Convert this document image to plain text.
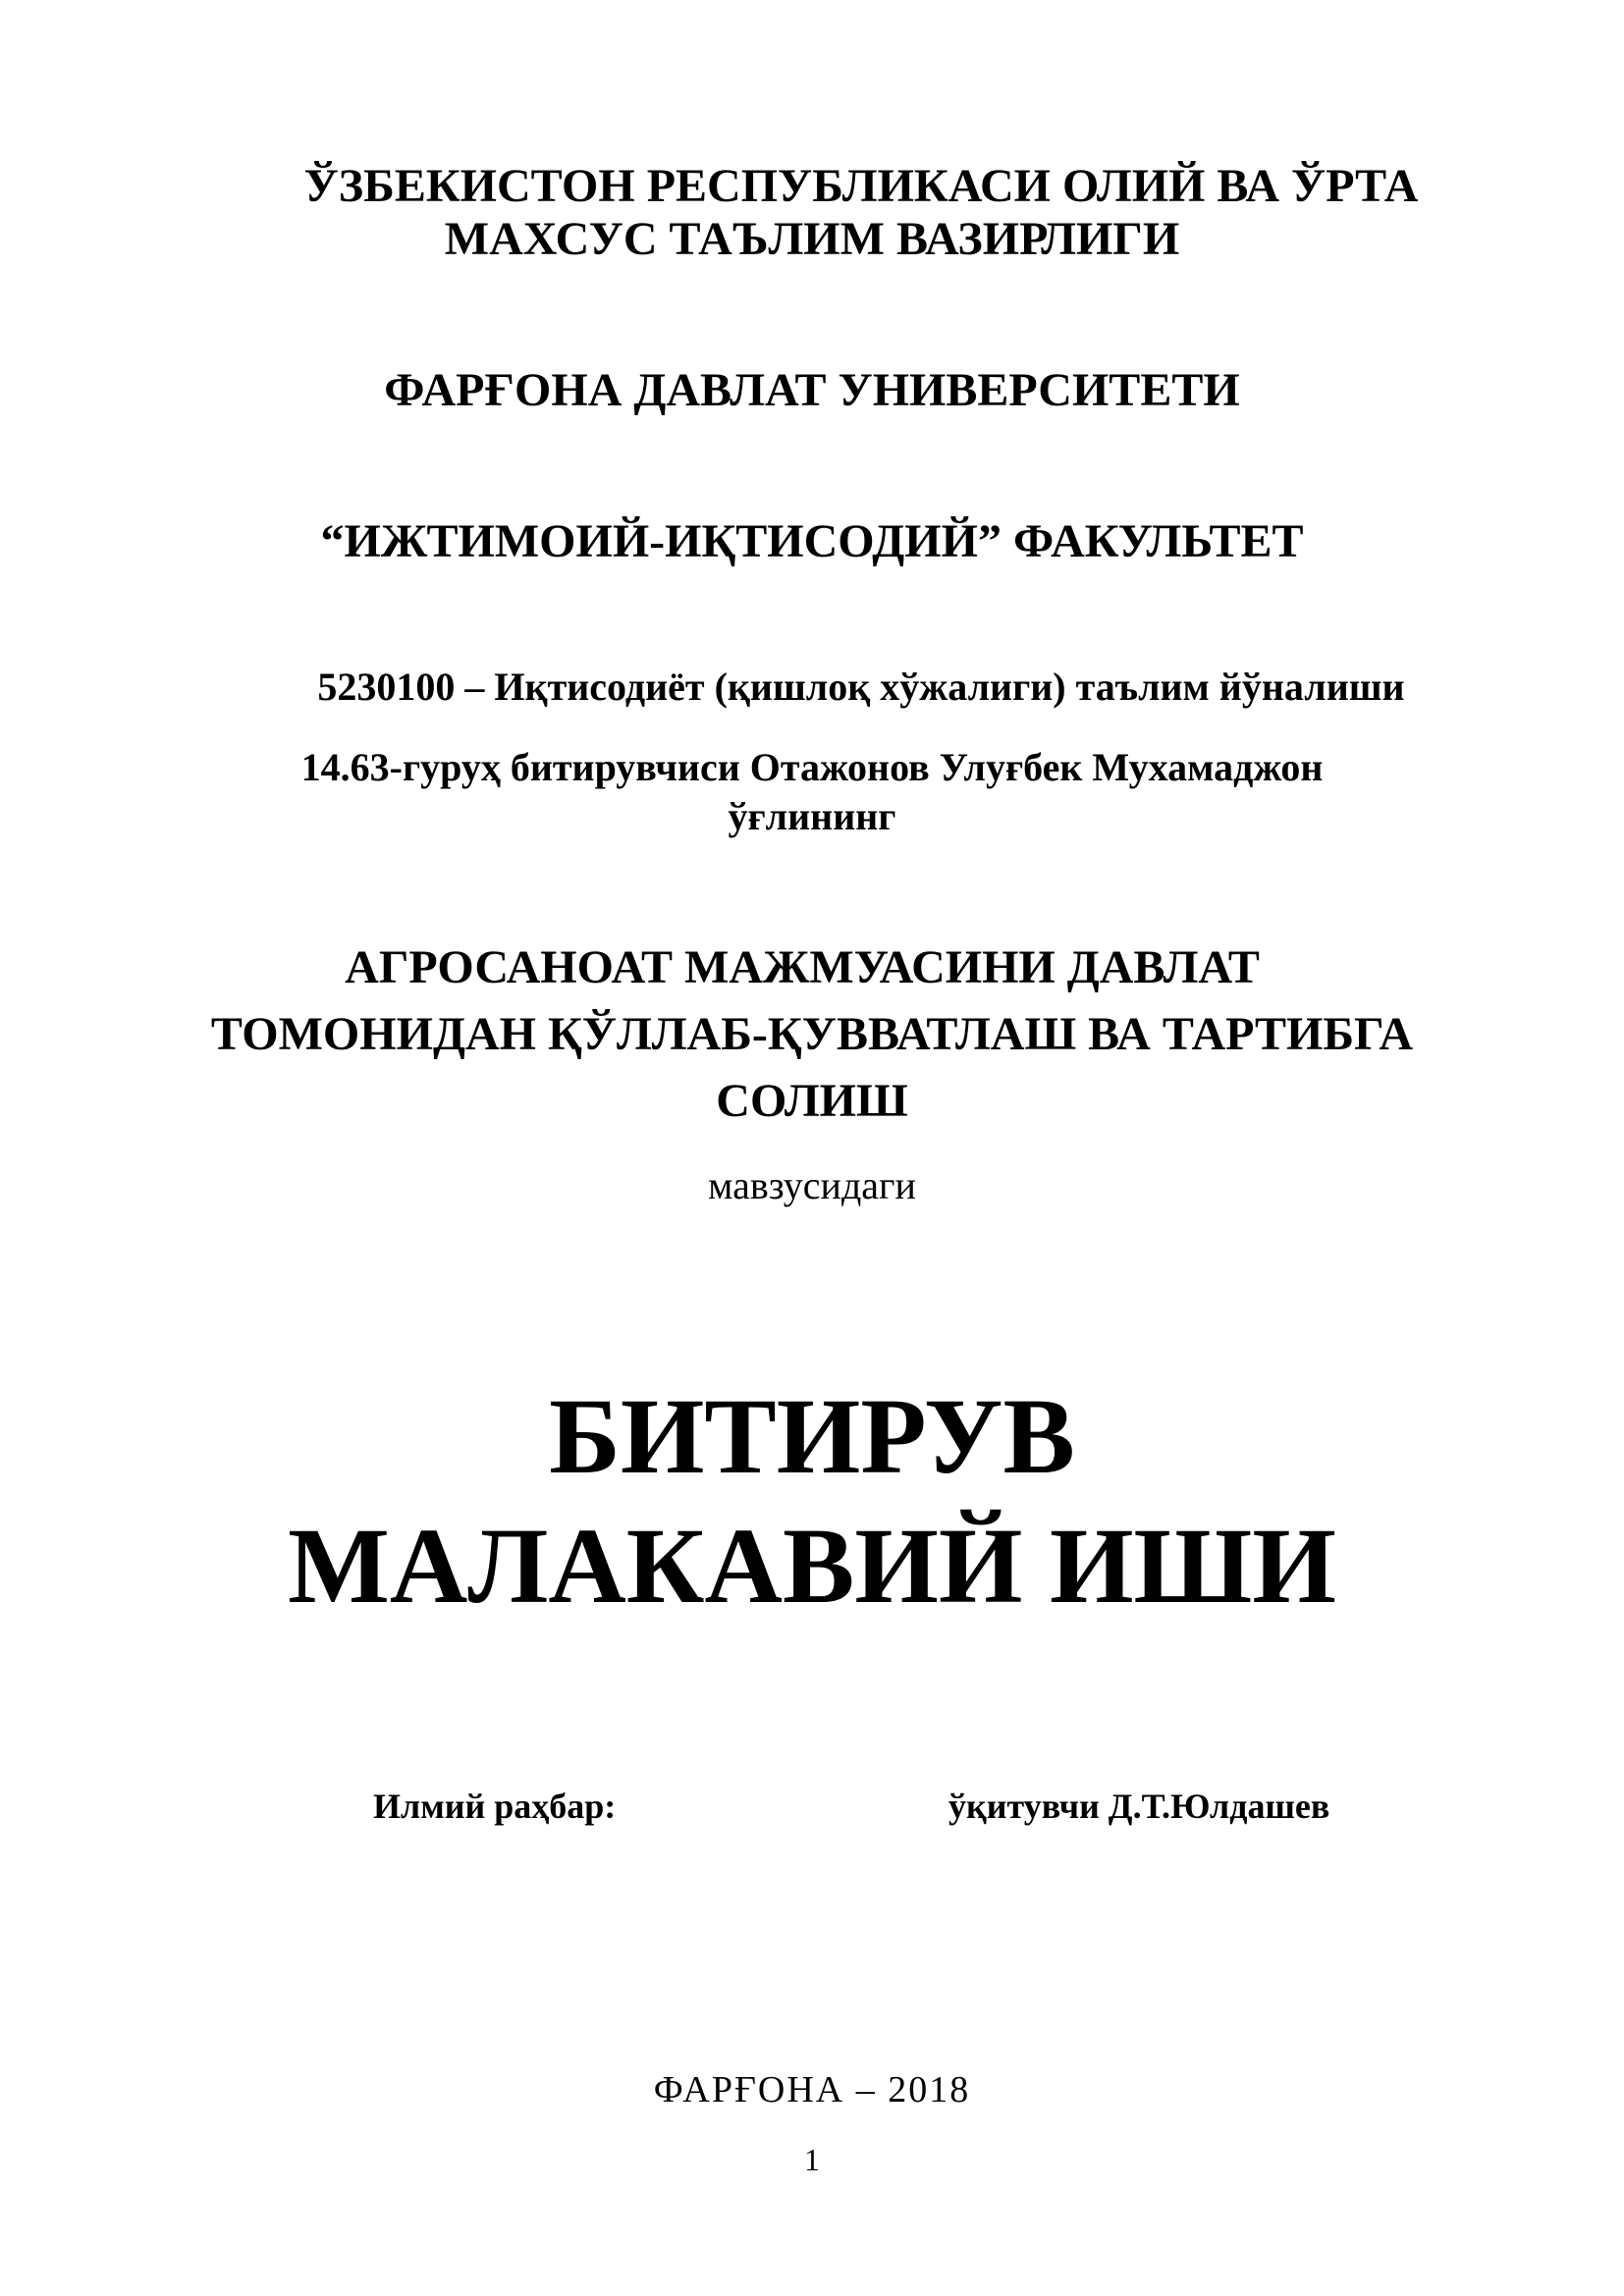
ЎЗБЕКИСТОН РЕСПУБЛИКАСИ ОЛИЙ ВА ЎРТА
МАХСУС ТАЪЛИМ ВАЗИРЛИГИ
ФАРҒОНА ДАВЛАТ УНИВЕРСИТЕТИ
“ИЖТИМОИЙ-ИҚТИСОДИЙ” ФАКУЛЬТЕТ
5230100 – Иқтисодиёт (қишлоқ хўжалиги) таълим йўналиши
14.63-гуруҳ битирувчиси Отажонов Улуғбек Мухамаджон
ўғлининг
АГРОСАНОАТ МАЖМУАСИНИ ДАВЛАТ
ТОМОНИДАН ҚЎЛЛАБ-ҚУВВАТЛАШ ВА ТАРТИБГА
СОЛИШ
мавзусидаги
БИТИРУВ
МАЛАКАВИЙ ИШИ
Илмий раҳбар:	ўқитувчи Д.Т.Юлдашев
ФАРҒОНА – 2018
1
